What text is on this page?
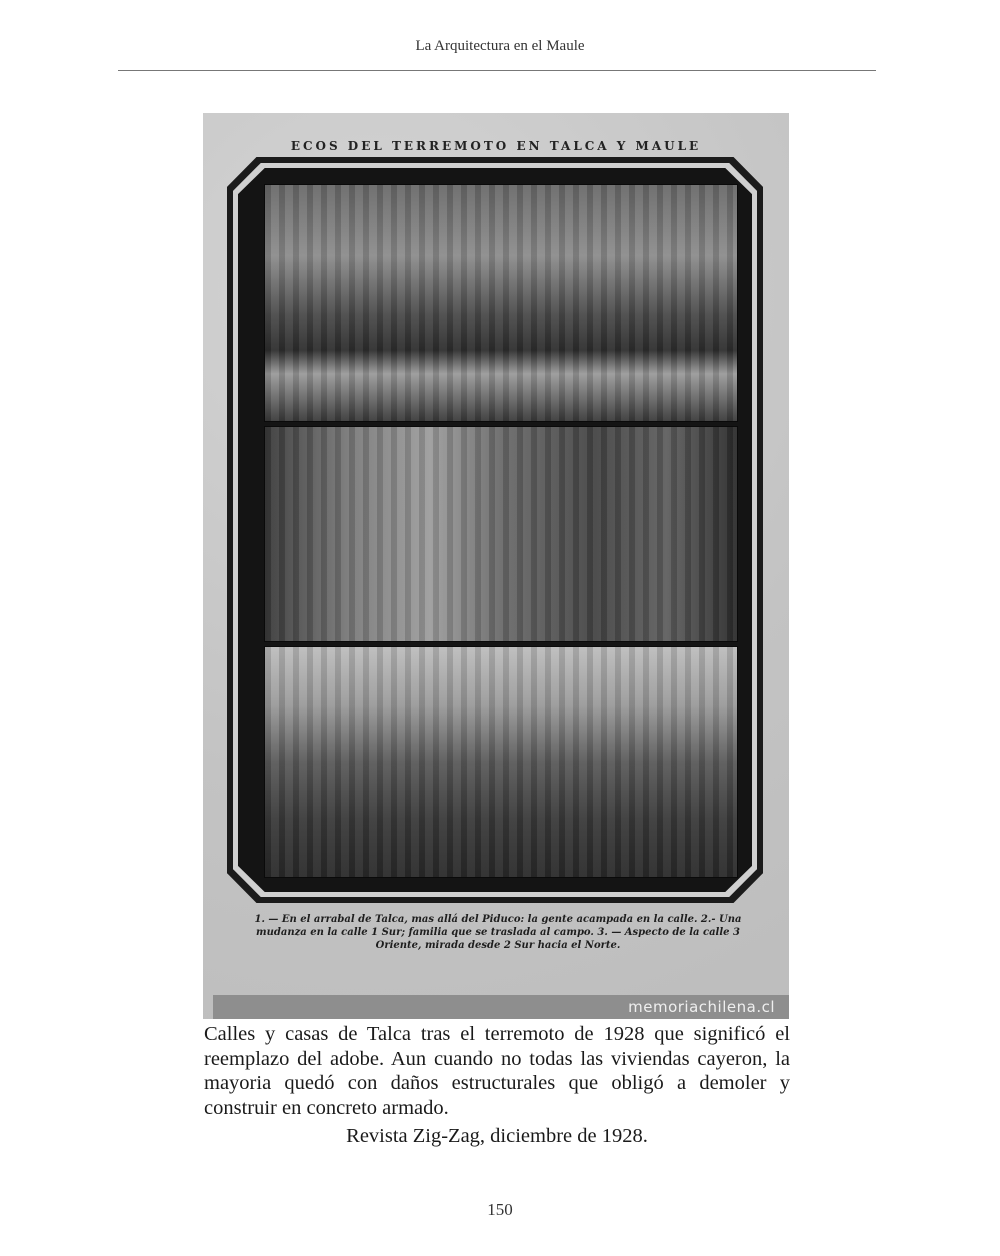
La Arquitectura en el Maule
ECOS DEL TERREMOTO EN TALCA Y MAULE
1. — En el arrabal de Talca, mas allá del Piduco: la gente acampada en la calle. 2.- Una mudanza en la calle 1 Sur; familia que se traslada al campo. 3. — Aspecto de la calle 3 Oriente, mirada desde 2 Sur hacia el Norte.
memoriachilena.cl

Calles y casas de Talca tras el terremoto de 1928 que significó el reemplazo del adobe. Aun cuando no todas las viviendas cayeron, la mayoria quedó con daños estructurales que obligó a demoler y construir en concreto armado.

Revista Zig-Zag, diciembre de 1928.
150
